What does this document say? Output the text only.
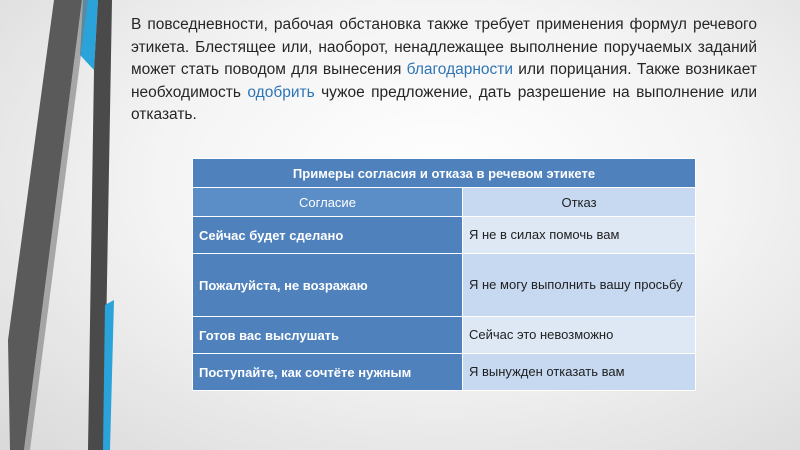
В повседневности, рабочая обстановка также требует применения формул речевого этикета. Блестящее или, наоборот, ненадлежащее выполнение поручаемых заданий может стать поводом для вынесения благодарности или порицания. Также возникает необходимость одобрить чужое предложение, дать разрешение на выполнение или отказать.

Примеры согласия и отказа в речевом этикете	
Согласие	Отказ
Сейчас будет сделано	Я не в силах помочь вам
Пожалуйста, не возражаю	Я не могу выполнить вашу просьбу
Готов вас выслушать	Сейчас это невозможно
Поступайте, как сочтёте нужным	Я вынужден отказать вам
